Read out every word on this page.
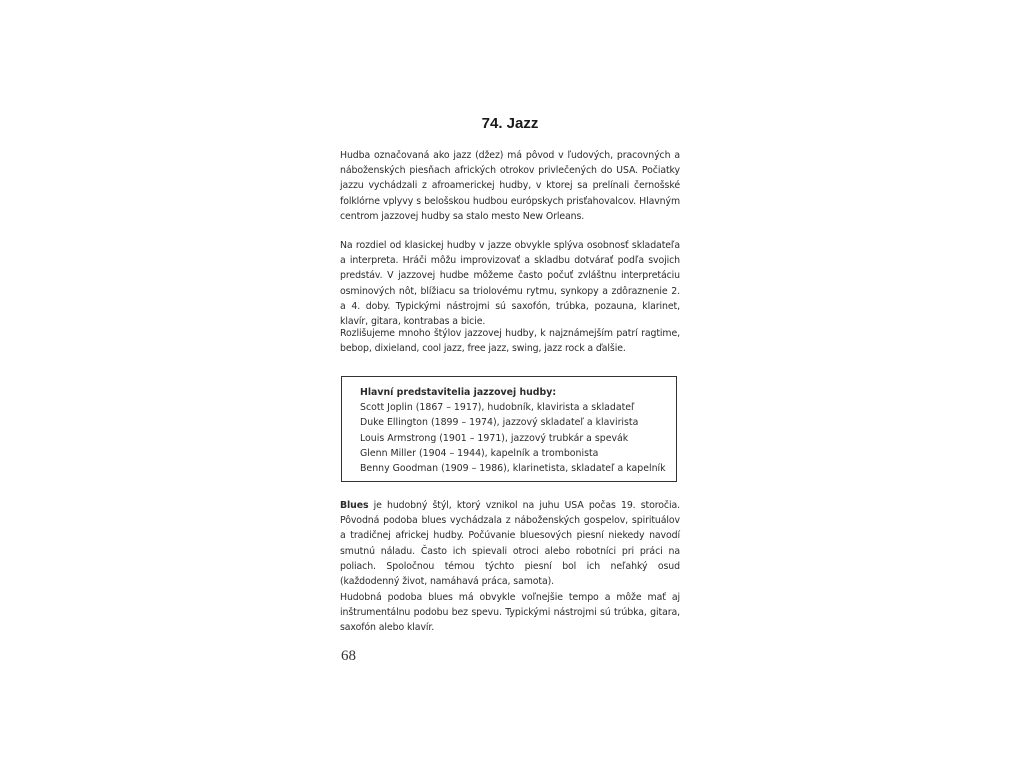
74. Jazz

Hudba označovaná ako jazz (džez) má pôvod v ľudových, pracovných a náboženských piesňach afrických otrokov privlečených do USA. Počiatky jazzu vychádzali z afroamerickej hudby, v ktorej sa prelínali černošské folklórne vplyvy s belošskou hudbou európskych prisťahovalcov. Hlavným centrom jazzovej hudby sa stalo mesto New Orleans.

Na rozdiel od klasickej hudby v jazze obvykle splýva osobnosť skladateľa a interpreta. Hráči môžu improvizovať a skladbu dotvárať podľa svojich predstáv. V jazzovej hudbe môžeme často počuť zvláštnu interpretáciu osminových nôt, blížiacu sa triolovému rytmu, synkopy a zdôraznenie 2. a 4. doby. Typickými nástrojmi sú saxofón, trúbka, pozauna, klarinet, klavír, gitara, kontrabas a bicie.

Rozlišujeme mnoho štýlov jazzovej hudby, k najznámejším patrí ragtime, bebop, dixieland, cool jazz, free jazz, swing, jazz rock a ďalšie.

Hlavní predstavitelia jazzovej hudby:

Scott Joplin (1867 – 1917), hudobník, klavirista a skladateľ
Duke Ellington (1899 – 1974), jazzový skladateľ a klavirista
Louis Armstrong (1901 – 1971), jazzový trubkár a spevák
Glenn Miller (1904 – 1944), kapelník a trombonista
Benny Goodman (1909 – 1986), klarinetista, skladateľ a kapelník

Blues je hudobný štýl, ktorý vznikol na juhu USA počas 19. storočia. Pôvodná podoba blues vychádzala z náboženských gospelov, spirituálov a tradičnej africkej hudby. Počúvanie bluesových piesní niekedy navodí smutnú náladu. Často ich spievali otroci alebo robotníci pri práci na poliach. Spoločnou témou týchto piesní bol ich neľahký osud (každodenný život, namáhavá práca, samota).

Hudobná podoba blues má obvykle voľnejšie tempo a môže mať aj inštrumentálnu podobu bez spevu. Typickými nástrojmi sú trúbka, gitara, saxofón alebo klavír.

68
